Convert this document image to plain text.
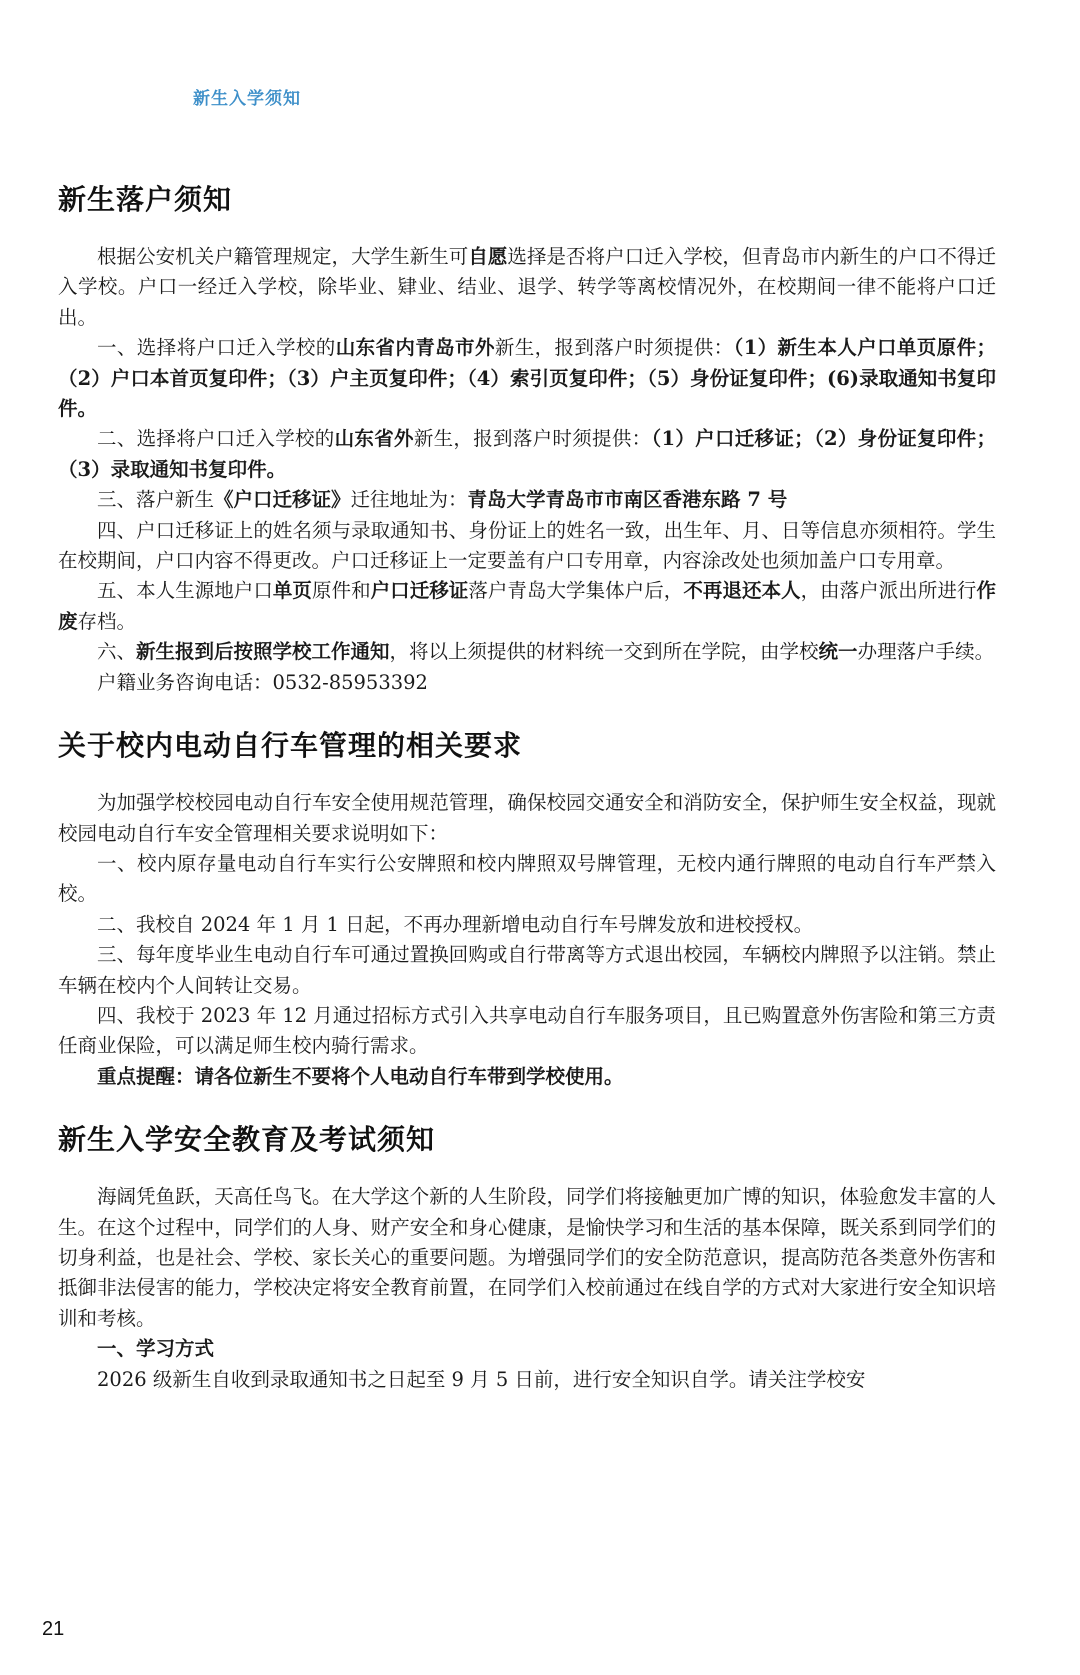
新生入学须知
新生落户须知

根据公安机关户籍管理规定，大学生新生可自愿选择是否将户口迁入学校，但青岛市内新生的户口不得迁入学校。户口一经迁入学校，除毕业、肄业、结业、退学、转学等离校情况外，在校期间一律不能将户口迁出。

一、选择将户口迁入学校的山东省内青岛市外新生，报到落户时须提供：（1）新生本人户口单页原件；（2）户口本首页复印件；（3）户主页复印件；（4）索引页复印件；（5）身份证复印件；(6)录取通知书复印件。

二、选择将户口迁入学校的山东省外新生，报到落户时须提供：（1）户口迁移证；（2）身份证复印件；（3）录取通知书复印件。

三、落户新生《户口迁移证》迁往地址为：青岛大学青岛市市南区香港东路 7 号

四、户口迁移证上的姓名须与录取通知书、身份证上的姓名一致，出生年、月、日等信息亦须相符。学生在校期间，户口内容不得更改。户口迁移证上一定要盖有户口专用章，内容涂改处也须加盖户口专用章。

五、本人生源地户口单页原件和户口迁移证落户青岛大学集体户后，不再退还本人，由落户派出所进行作废存档。

六、新生报到后按照学校工作通知，将以上须提供的材料统一交到所在学院，由学校统一办理落户手续。

户籍业务咨询电话：0532-85953392

关于校内电动自行车管理的相关要求

为加强学校校园电动自行车安全使用规范管理，确保校园交通安全和消防安全，保护师生安全权益，现就校园电动自行车安全管理相关要求说明如下：

一、校内原存量电动自行车实行公安牌照和校内牌照双号牌管理，无校内通行牌照的电动自行车严禁入校。

二、我校自 2024 年 1 月 1 日起，不再办理新增电动自行车号牌发放和进校授权。

三、每年度毕业生电动自行车可通过置换回购或自行带离等方式退出校园，车辆校内牌照予以注销。禁止车辆在校内个人间转让交易。

四、我校于 2023 年 12 月通过招标方式引入共享电动自行车服务项目，且已购置意外伤害险和第三方责任商业保险，可以满足师生校内骑行需求。

重点提醒：请各位新生不要将个人电动自行车带到学校使用。

新生入学安全教育及考试须知

海阔凭鱼跃，天高任鸟飞。在大学这个新的人生阶段，同学们将接触更加广博的知识，体验愈发丰富的人生。在这个过程中，同学们的人身、财产安全和身心健康，是愉快学习和生活的基本保障，既关系到同学们的切身利益，也是社会、学校、家长关心的重要问题。为增强同学们的安全防范意识，提高防范各类意外伤害和抵御非法侵害的能力，学校决定将安全教育前置，在同学们入校前通过在线自学的方式对大家进行安全知识培训和考核。

一、学习方式

2026 级新生自收到录取通知书之日起至 9 月 5 日前，进行安全知识自学。请关注学校安

21
